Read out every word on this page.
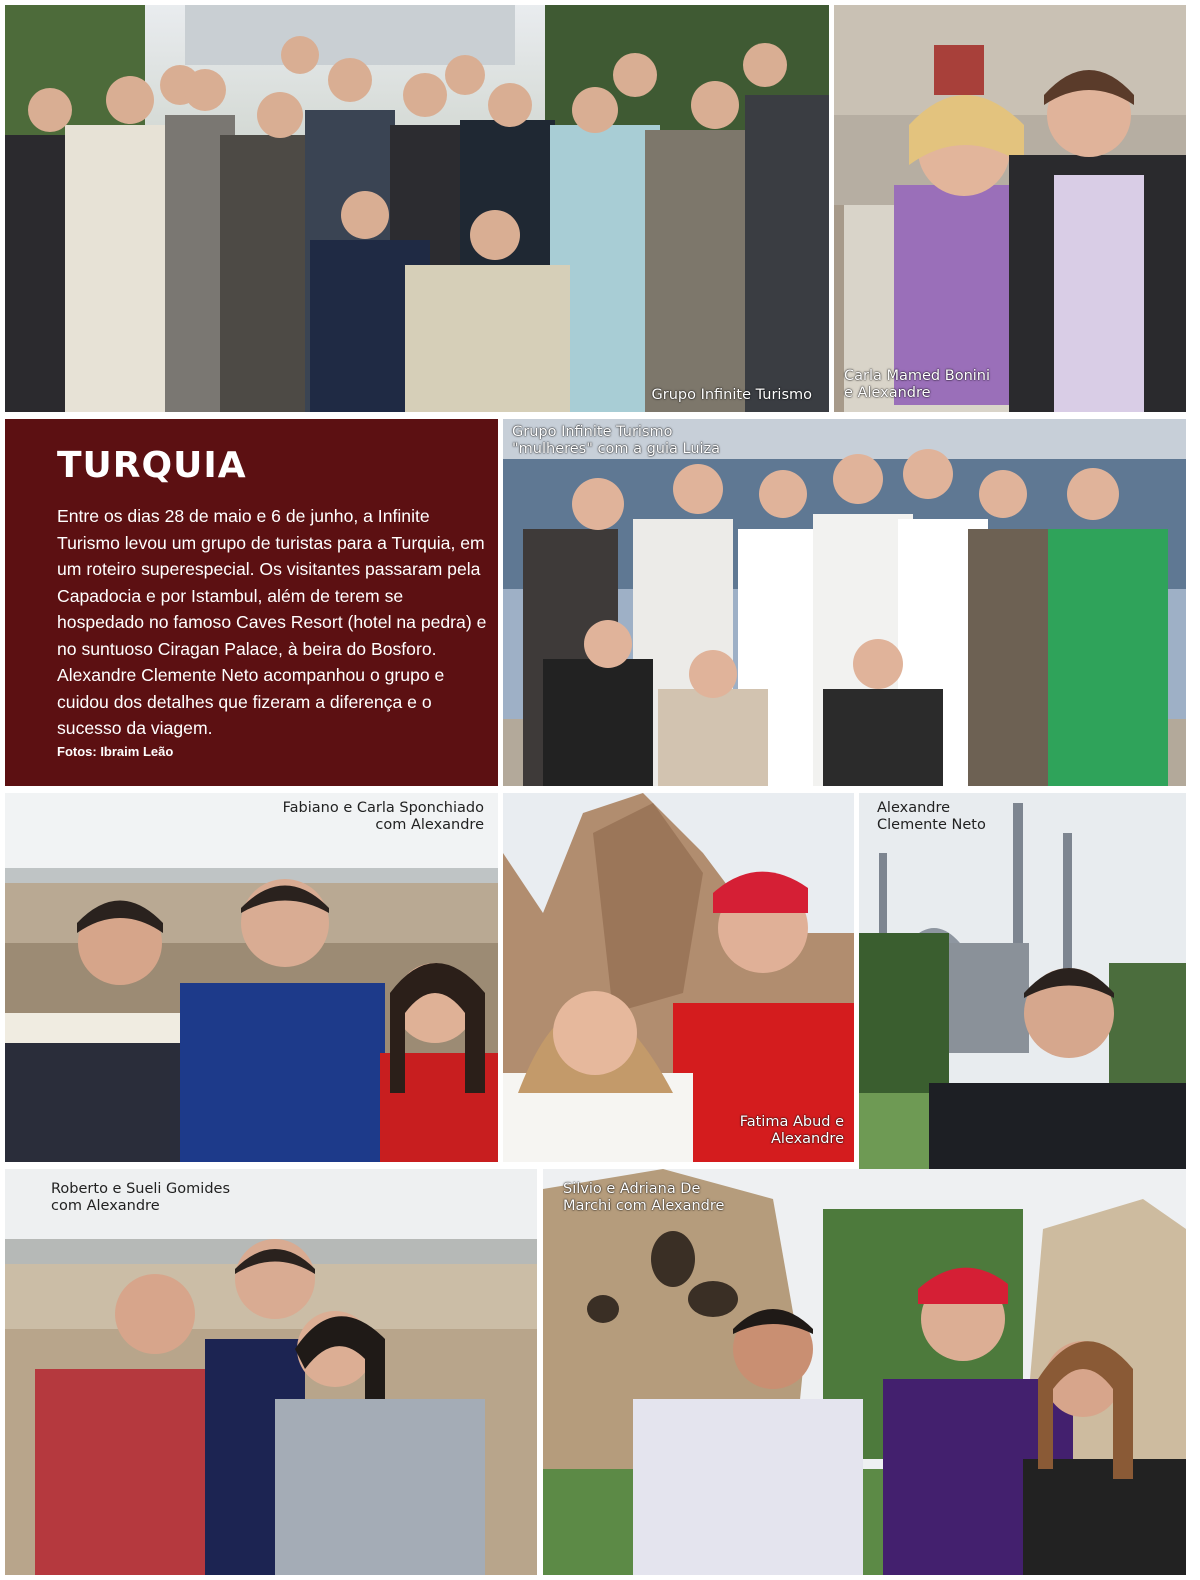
Grupo Infinite Turismo
Carla Mamed Bonini
e Alexandre
TURQUIA
Entre os dias 28 de maio e 6 de junho, a Infinite Turismo levou um grupo de turistas para a Turquia, em um roteiro superespecial. Os visitantes passaram pela Capadocia e por Istambul, além de terem se hospedado no famoso Caves Resort (hotel na pedra) e no suntuoso Ciragan Palace, à beira do Bosforo. Alexandre Clemente Neto acompanhou o grupo e cuidou dos detalhes que fizeram a diferença e o sucesso da viagem.
Fotos: Ibraim Leão
Grupo Infinite Turismo
"mulheres" com a guia Luiza
Fabiano e Carla Sponchiado
com Alexandre
Fatima Abud e
Alexandre
Alexandre
Clemente Neto
Roberto e Sueli Gomides
com Alexandre
Silvio e Adriana De
Marchi com Alexandre
